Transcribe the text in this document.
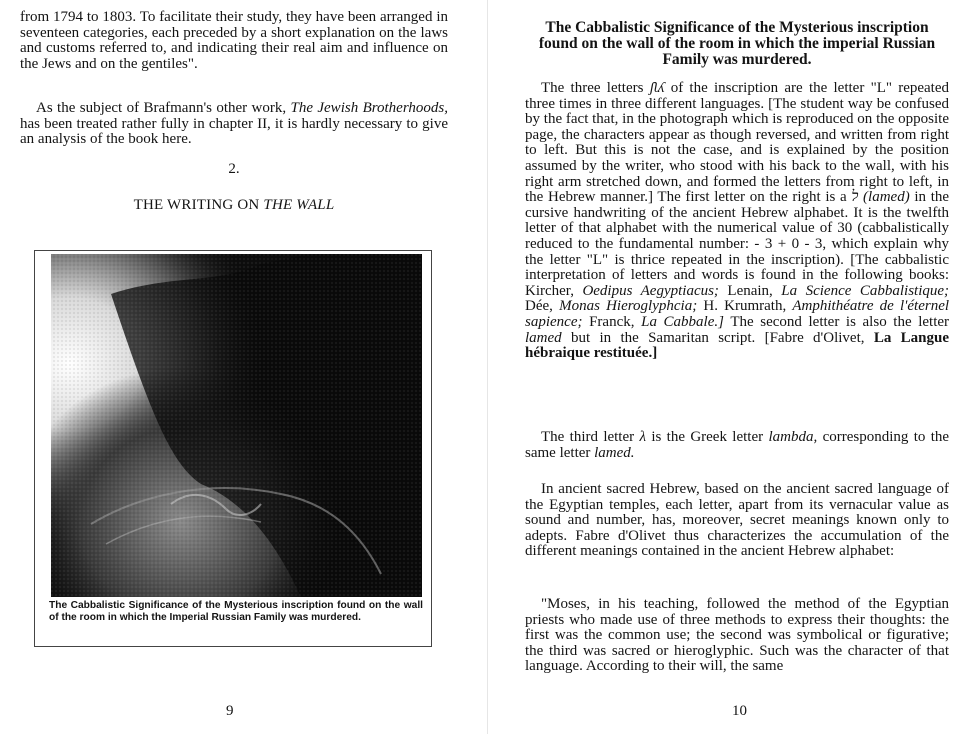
from 1794 to 1803. To facilitate their study, they have been arranged in seventeen categories, each preceded by a short explanation on the laws and customs referred to, and indicating their real aim and influence on the Jews and on the gentiles".
As the subject of Brafmann's other work, The Jewish Brotherhoods, has been treated rather fully in chapter II, it is hardly necessary to give an analysis of the book here.
2.
THE WRITING ON THE WALL
The Cabbalistic Significance of the Mysterious inscription found on the wall of the room in which the Imperial Russian Family was murdered.
9
The Cabbalistic Significance of the Mysterious inscription found on the wall of the room in which the imperial Russian Family was murdered.
The three letters ʃʅʎ of the inscription are the letter "L" repeated three times in three different languages. [The student way be confused by the fact that, in the photograph which is reproduced on the opposite page, the characters appear as though reversed, and written from right to left. But this is not the case, and is explained by the position assumed by the writer, who stood with his back to the wall, with his right arm stretched down, and formed the letters from right to left, in the Hebrew manner.] The first letter on the right is a ל (lamed) in the cursive handwriting of the ancient Hebrew alphabet. It is the twelfth letter of that alphabet with the numerical value of 30 (cabbalistically reduced to the fundamental number: - 3 + 0 - 3, which explain why the letter "L" is thrice repeated in the inscription). [The cabbalistic interpretation of letters and words is found in the following books: Kircher, Oedipus Aegyptiacus; Lenain, La Science Cabbalistique; Dée, Monas Hieroglyphcia; H. Krumrath, Amphithéatre de l'éternel sapience; Franck, La Cabbale.] The second letter is also the letter lamed but in the Samaritan script. [Fabre d'Olivet, La Langue hébraique restituée.]
The third letter λ is the Greek letter lambda, corresponding to the same letter lamed.
In ancient sacred Hebrew, based on the ancient sacred language of the Egyptian temples, each letter, apart from its vernacular value as sound and number, has, moreover, secret meanings known only to adepts. Fabre d'Olivet thus characterizes the accumulation of the different meanings contained in the ancient Hebrew alphabet:
"Moses, in his teaching, followed the method of the Egyptian priests who made use of three methods to express their thoughts: the first was the common use; the second was symbolical or figurative; the third was sacred or hieroglyphic. Such was the character of that language. According to their will, the same
10
